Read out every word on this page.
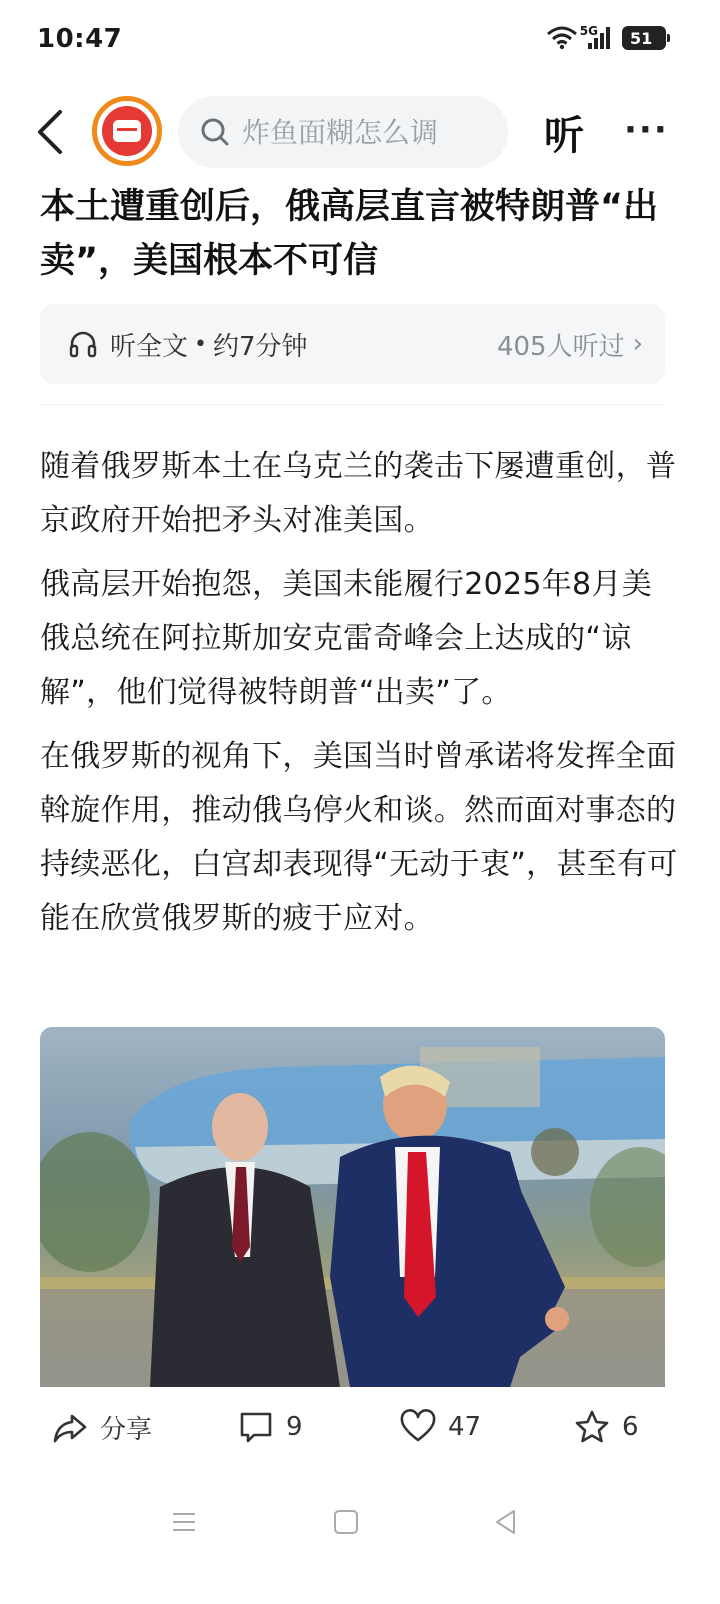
10:47	5G 51
炸鱼面糊怎么调
听 ···
本土遭重创后，俄高层直言被特朗普“出卖”，美国根本不可信
听全文 • 约7分钟	405人听过 ›

随着俄罗斯本土在乌克兰的袭击下屡遭重创，普京政府开始把矛头对准美国。

俄高层开始抱怨，美国未能履行2025年8月美俄总统在阿拉斯加安克雷奇峰会上达成的“谅解”，他们觉得被特朗普“出卖”了。

在俄罗斯的视角下，美国当时曾承诺将发挥全面斡旋作用，推动俄乌停火和谈。然而面对事态的持续恶化，白宫却表现得“无动于衷”，甚至有可能在欣赏俄罗斯的疲于应对。

分享	9	47	6
